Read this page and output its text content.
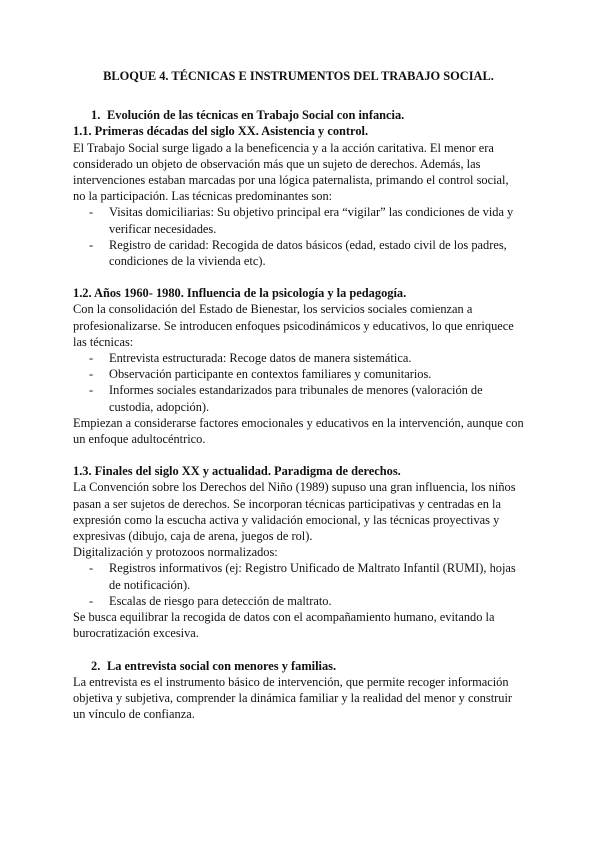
BLOQUE 4. TÉCNICAS E INSTRUMENTOS DEL TRABAJO SOCIAL.
1. Evolución de las técnicas en Trabajo Social con infancia.
1.1. Primeras décadas del siglo XX. Asistencia y control.

El Trabajo Social surge ligado a la beneficencia y a la acción caritativa. El menor era considerado un objeto de observación más que un sujeto de derechos. Además, las intervenciones estaban marcadas por una lógica paternalista, primando el control social, no la participación. Las técnicas predominantes son:

- Visitas domiciliarias: Su objetivo principal era “vigilar” las condiciones de vida y verificar necesidades.
- Registro de caridad: Recogida de datos básicos (edad, estado civil de los padres, condiciones de la vivienda etc).
1.2. Años 1960- 1980. Influencia de la psicología y la pedagogía.

Con la consolidación del Estado de Bienestar, los servicios sociales comienzan a profesionalizarse. Se introducen enfoques psicodinámicos y educativos, lo que enriquece las técnicas:

- Entrevista estructurada: Recoge datos de manera sistemática.
- Observación participante en contextos familiares y comunitarios.
- Informes sociales estandarizados para tribunales de menores (valoración de custodia, adopción).

Empiezan a considerarse factores emocionales y educativos en la intervención, aunque con un enfoque adultocéntrico.

1.3. Finales del siglo XX y actualidad. Paradigma de derechos.

La Convención sobre los Derechos del Niño (1989) supuso una gran influencia, los niños pasan a ser sujetos de derechos. Se incorporan técnicas participativas y centradas en la expresión como la escucha activa y validación emocional, y las técnicas proyectivas y expresivas (dibujo, caja de arena, juegos de rol).

Digitalización y protozoos normalizados:

- Registros informativos (ej: Registro Unificado de Maltrato Infantil (RUMI), hojas de notificación).
- Escalas de riesgo para detección de maltrato.

Se busca equilibrar la recogida de datos con el acompañamiento humano, evitando la burocratización excesiva.

2. La entrevista social con menores y familias.

La entrevista es el instrumento básico de intervención, que permite recoger información objetiva y subjetiva, comprender la dinámica familiar y la realidad del menor y construir un vínculo de confianza.
